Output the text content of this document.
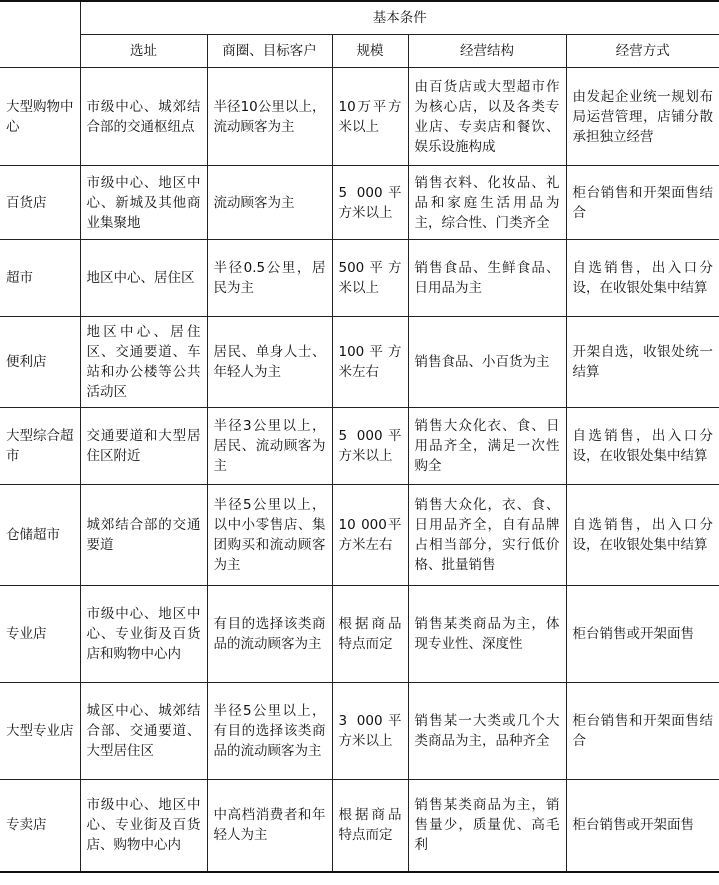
	基本条件				
	选址	商圈、目标客户	规模	经营结构	经营方式
大型购物中心	市级中心、城郊结合部的交通枢纽点	半径10公里以上，流动顾客为主	10万平方米以上	由百货店或大型超市作为核心店，以及各类专业店、专卖店和餐饮、娱乐设施构成	由发起企业统一规划布局运营管理，店铺分散承担独立经营
百货店	市级中心、地区中心、新城及其他商业集聚地	流动顾客为主	5 000平方米以上	销售衣料、化妆品、礼品和家庭生活用品为主，综合性、门类齐全	柜台销售和开架面售结合
超市	地区中心、居住区	半径0.5公里，居民为主	500平方米以上	销售食品、生鲜食品、日用品为主	自选销售，出入口分设，在收银处集中结算
便利店	地区中心、居住区、交通要道、车站和办公楼等公共活动区	居民、单身人士、年轻人为主	100平方米左右	销售食品、小百货为主	开架自选，收银处统一结算
大型综合超市	交通要道和大型居住区附近	半径3公里以上，居民、流动顾客为主	5 000平方米以上	销售大众化衣、食、日用品齐全，满足一次性购全	自选销售，出入口分设，在收银处集中结算
仓储超市	城郊结合部的交通要道	半径5公里以上，以中小零售店、集团购买和流动顾客为主	10 000平方米左右	销售大众化，衣、食、日用品齐全，自有品牌占相当部分，实行低价格、批量销售	自选销售，出入口分设，在收银处集中结算
专业店	市级中心、地区中心、专业街及百货店和购物中心内	有目的选择该类商品的流动顾客为主	根据商品特点而定	销售某类商品为主，体现专业性、深度性	柜台销售或开架面售
大型专业店	城区中心、城郊结合部、交通要道、大型居住区	半径5公里以上，有目的选择该类商品的流动顾客为主	3 000平方米以上	销售某一大类或几个大类商品为主，品种齐全	柜台销售和开架面售结合
专卖店	市级中心、地区中心、专业街及百货店、购物中心内	中高档消费者和年轻人为主	根据商品特点而定	销售某类商品为主，销售量少，质量优、高毛利	柜台销售或开架面售
